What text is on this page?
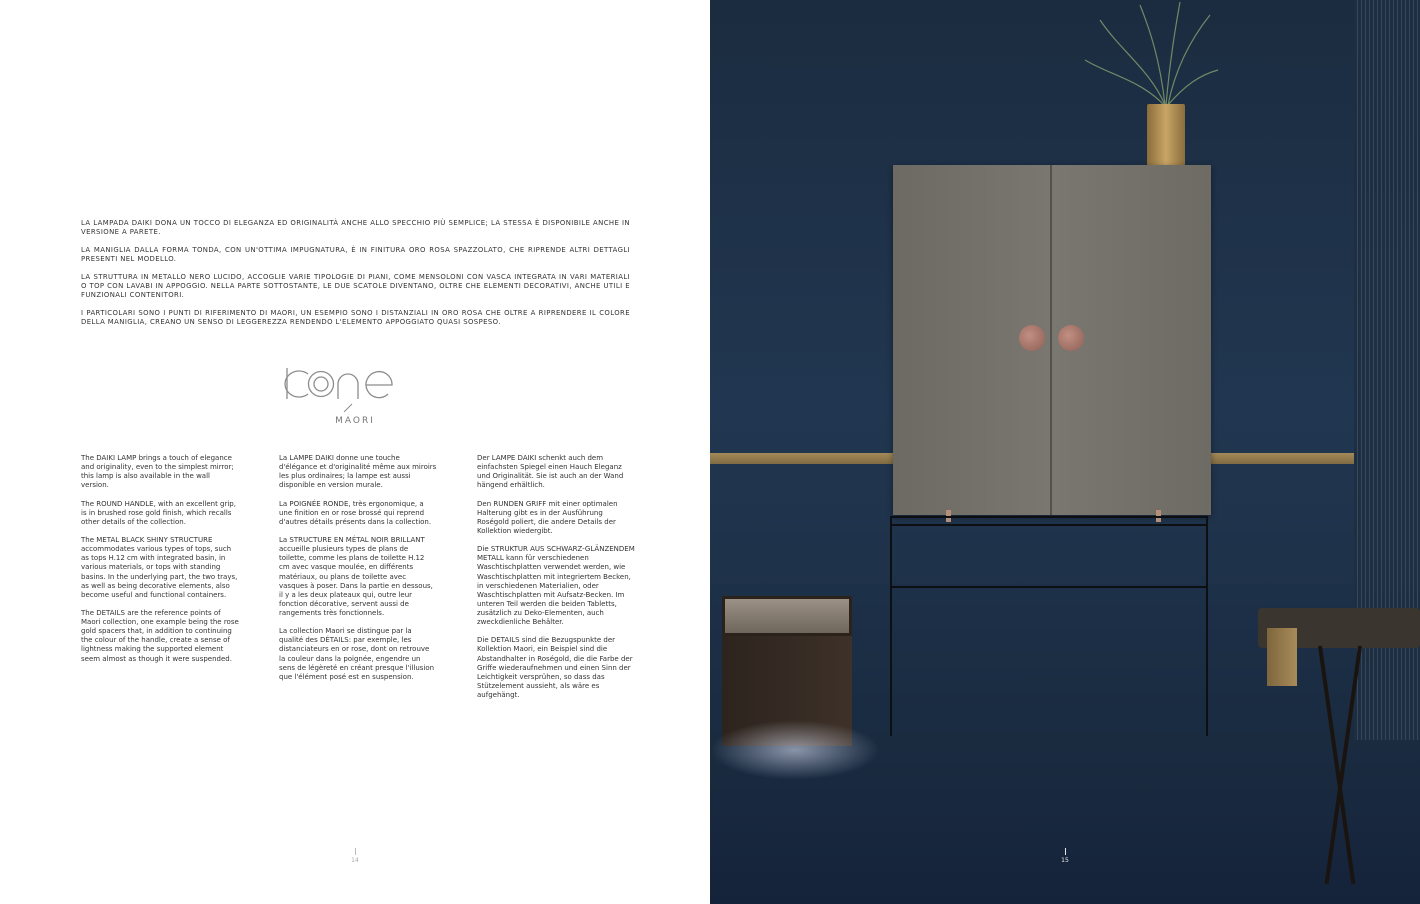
LA LAMPADA DAIKI DONA UN TOCCO DI ELEGANZA ED ORIGINALITÀ ANCHE ALLO SPECCHIO PIÙ SEMPLICE; LA STESSA È DISPONIBILE ANCHE IN VERSIONE A PARETE.

LA MANIGLIA DALLA FORMA TONDA, CON UN'OTTIMA IMPUGNATURA, È IN FINITURA ORO ROSA SPAZZOLATO, CHE RIPRENDE ALTRI DETTAGLI PRESENTI NEL MODELLO.

LA STRUTTURA IN METALLO NERO LUCIDO, ACCOGLIE VARIE TIPOLOGIE DI PIANI, COME MENSOLONI CON VASCA INTEGRATA IN VARI MATERIALI O TOP CON LAVABI IN APPOGGIO. NELLA PARTE SOTTOSTANTE, LE DUE SCATOLE DIVENTANO, OLTRE CHE ELEMENTI DECORATIVI, ANCHE UTILI E FUNZIONALI CONTENITORI.

I PARTICOLARI SONO I PUNTI DI RIFERIMENTO DI MAORI, UN ESEMPIO SONO I DISTANZIALI IN ORO ROSA CHE OLTRE A RIPRENDERE IL COLORE DELLA MANIGLIA, CREANO UN SENSO DI LEGGEREZZA RENDENDO L'ELEMENTO APPOGGIATO QUASI SOSPESO.

MAORI

The DAIKI LAMP brings a touch of elegance and originality, even to the simplest mirror; this lamp is also available in the wall version.

The ROUND HANDLE, with an excellent grip, is in brushed rose gold finish, which recalls other details of the collection.

The METAL BLACK SHINY STRUCTURE accommodates various types of tops, such as tops H.12 cm with integrated basin, in various materials, or tops with standing basins. In the underlying part, the two trays, as well as being decorative elements, also become useful and functional containers.

The DETAILS are the reference points of Maori collection, one example being the rose gold spacers that, in addition to continuing the colour of the handle, create a sense of lightness making the supported element seem almost as though it were suspended.

La LAMPE DAIKI donne une touche d'élégance et d'originalité même aux miroirs les plus ordinaires; la lampe est aussi disponible en version murale.

La POIGNÉE RONDE, très ergonomique, a une finition en or rose brossé qui reprend d'autres détails présents dans la collection.

La STRUCTURE EN MÉTAL NOIR BRILLANT accueille plusieurs types de plans de toilette, comme les plans de toilette H.12 cm avec vasque moulée, en différents matériaux, ou plans de toilette avec vasques à poser. Dans la partie en dessous, il y a les deux plateaux qui, outre leur fonction décorative, servent aussi de rangements très fonctionnels.

La collection Maori se distingue par la qualité des DÉTAILS: par exemple, les distanciateurs en or rose, dont on retrouve la couleur dans la poignée, engendre un sens de légèreté en créant presque l'illusion que l'élément posé est en suspension.

Der LAMPE DAIKI schenkt auch dem einfachsten Spiegel einen Hauch Eleganz und Originalität. Sie ist auch an der Wand hängend erhältlich.

Den RUNDEN GRIFF mit einer optimalen Halterung gibt es in der Ausführung Roségold poliert, die andere Details der Kollektion wiedergibt.

Die STRUKTUR AUS SCHWARZ-GLÄNZENDEM METALL kann für verschiedenen Waschtischplatten verwendet werden, wie Waschtischplatten mit integriertem Becken, in verschiedenen Materialien, oder Waschtischplatten mit Aufsatz-Becken. Im unteren Teil werden die beiden Tabletts, zusätzlich zu Deko-Elementen, auch zweckdienliche Behälter.

Die DETAILS sind die Bezugspunkte der Kollektion Maori, ein Beispiel sind die Abstandhalter in Roségold, die die Farbe der Griffe wiederaufnehmen und einen Sinn der Leichtigkeit versprühen, so dass das Stützelement aussieht, als wäre es aufgehängt.

14	15
